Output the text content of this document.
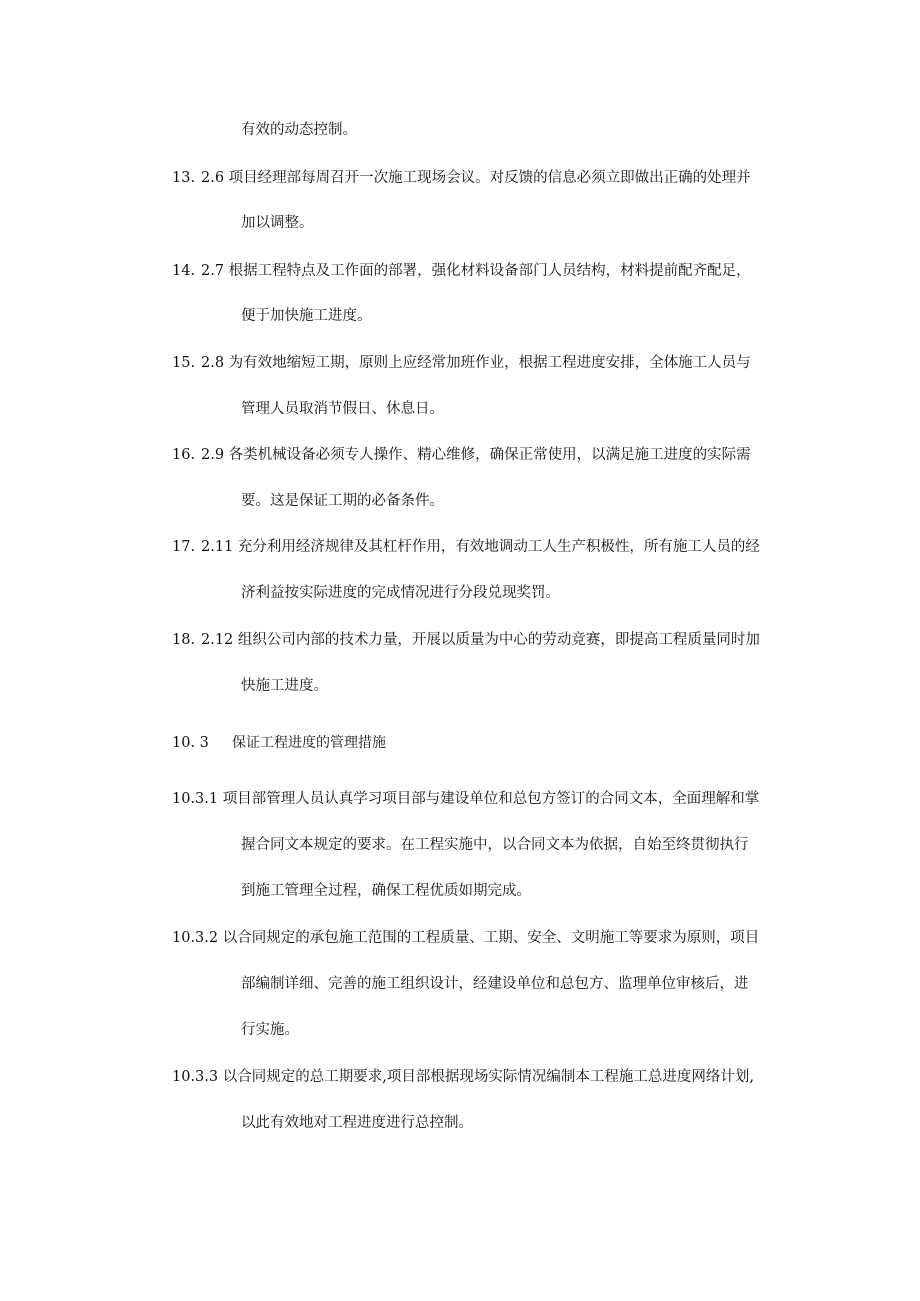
有效的动态控制。
13. 2.6 项目经理部每周召开一次施工现场会议。对反馈的信息必须立即做出正确的处理并
加以调整。
14. 2.7 根据工程特点及工作面的部署，强化材料设备部门人员结构，材料提前配齐配足，
便于加快施工进度。
15. 2.8 为有效地缩短工期，原则上应经常加班作业，根据工程进度安排，全体施工人员与
管理人员取消节假日、休息日。
16. 2.9 各类机械设备必须专人操作、精心维修，确保正常使用，以满足施工进度的实际需
要。这是保证工期的必备条件。
17. 2.11 充分利用经济规律及其杠杆作用，有效地调动工人生产积极性，所有施工人员的经
济利益按实际进度的完成情况进行分段兑现奖罚。
18. 2.12 组织公司内部的技术力量，开展以质量为中心的劳动竞赛，即提高工程质量同时加
快施工进度。
10. 3 保证工程进度的管理措施
10.3.1 项目部管理人员认真学习项目部与建设单位和总包方签订的合同文本，全面理解和掌
握合同文本规定的要求。在工程实施中，以合同文本为依据，自始至终贯彻执行
到施工管理全过程，确保工程优质如期完成。
10.3.2 以合同规定的承包施工范围的工程质量、工期、安全、文明施工等要求为原则，项目
部编制详细、完善的施工组织设计，经建设单位和总包方、监理单位审核后，进
行实施。
10.3.3 以合同规定的总工期要求,项目部根据现场实际情况编制本工程施工总进度网络计划,
以此有效地对工程进度进行总控制。
